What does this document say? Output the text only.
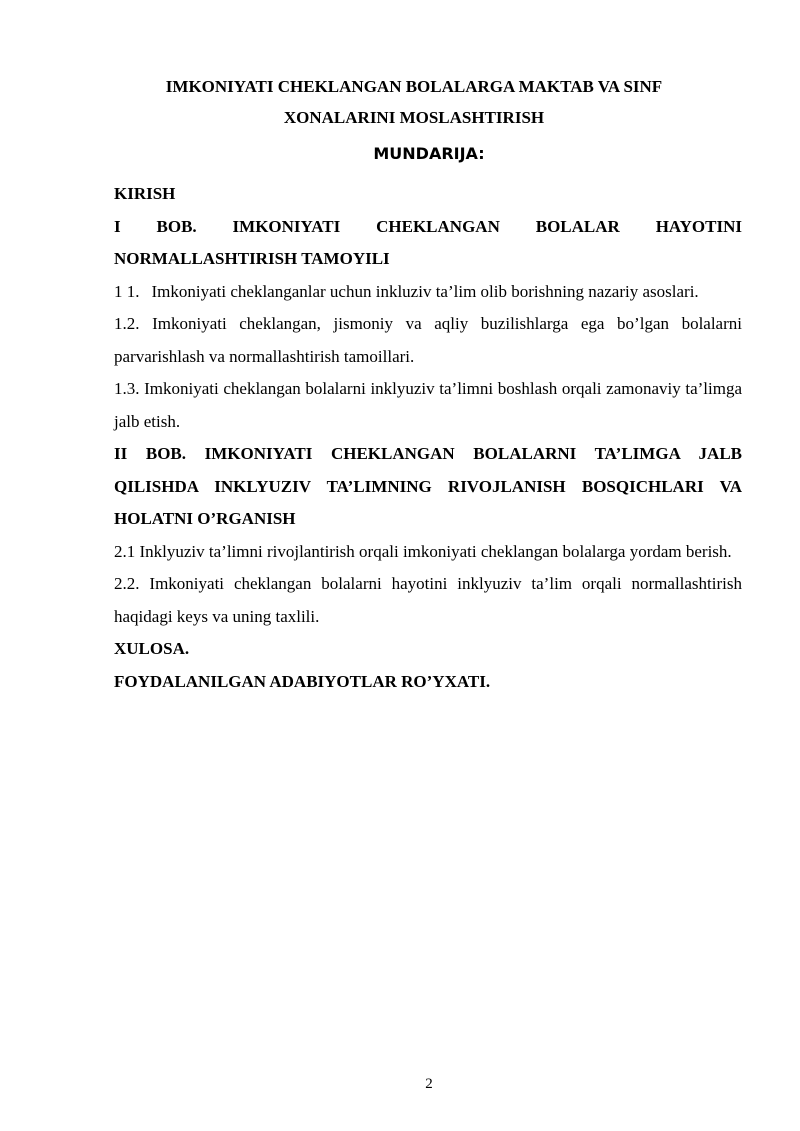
IMKONIYATI CHEKLANGAN BOLALARGA MAKTAB VA SINF
XONALARINI MOSLASHTIRISH
MUNDARIJA:

KIRISH

I BOB. IMKONIYATI CHEKLANGAN BOLALAR HAYOTINI NORMALLASHTIRISH TAMOYILI

1 1. Imkoniyati cheklanganlar uchun inkluziv ta’lim olib borishning nazariy asoslari.

1.2. Imkoniyati cheklangan, jismoniy va aqliy buzilishlarga ega bo’lgan bolalarni parvarishlash va normallashtirish tamoillari.

1.3. Imkoniyati cheklangan bolalarni inklyuziv ta’limni boshlash orqali zamonaviy ta’limga jalb etish.

II BOB. IMKONIYATI CHEKLANGAN BOLALARNI TA’LIMGA JALB QILISHDA INKLYUZIV TA’LIMNING RIVOJLANISH BOSQICHLARI VA HOLATNI O’RGANISH

2.1 Inklyuziv ta’limni rivojlantirish orqali imkoniyati cheklangan bolalarga yordam berish.

2.2. Imkoniyati cheklangan bolalarni hayotini inklyuziv ta’lim orqali normallashtirish haqidagi keys va uning taxlili.

XULOSA.

FOYDALANILGAN ADABIYOTLAR RO’YXATI.

2
